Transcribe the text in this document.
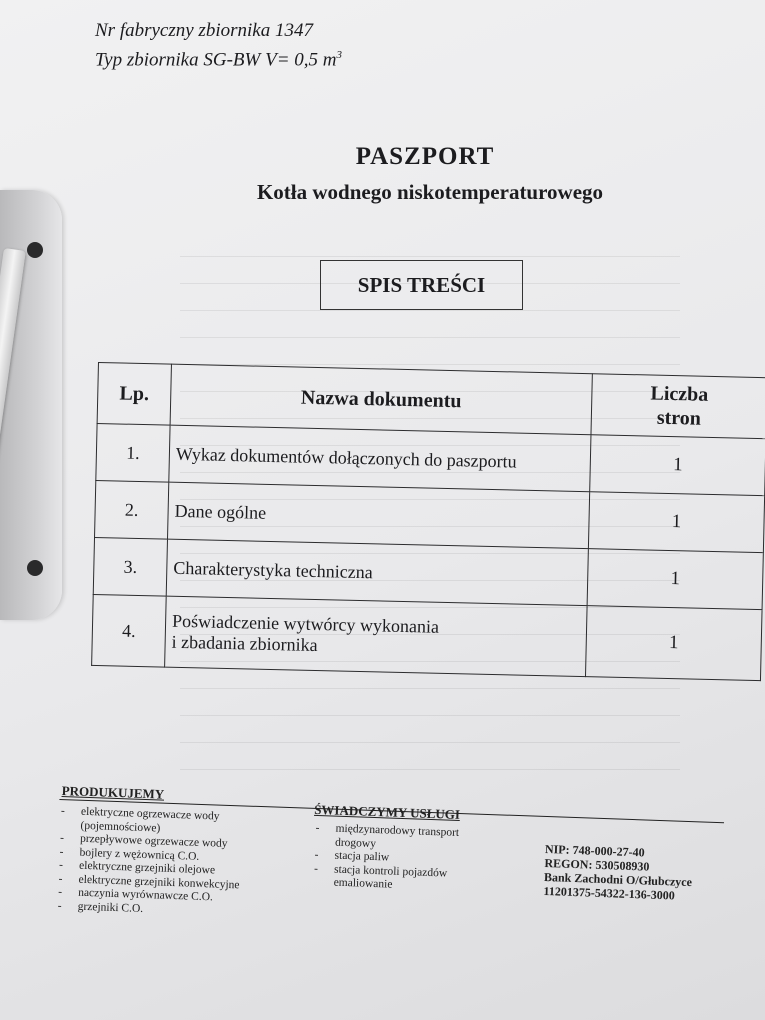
Nr fabryczny zbiornika 1347
Typ zbiornika SG-BW V= 0,5 $m^3$
PASZPORT
Kotła wodnego niskotemperaturowego
SPIS TREŚCI
Lp.	Nazwa dokumentu	Liczba
stron
1.	Wykaz dokumentów dołączonych do paszportu	1
2.	Dane ogólne	1
3.	Charakterystyka techniczna	1
4.	Poświadczenie wytwórcy wykonania
i zbadania zbiornika	1
PRODUKUJEMY
ŚWIADCZYMY USŁUGI
- elektryczne ogrzewacze wody
(pojemnościowe)
- przepływowe ogrzewacze wody
- bojlery z wężownicą C.O.
- elektryczne grzejniki olejowe
- elektryczne grzejniki konwekcyjne
- naczynia wyrównawcze C.O.
- grzejniki C.O.
- międzynarodowy transport
drogowy
- stacja paliw
- stacja kontroli pojazdów
emaliowanie
NIP: 748-000-27-40
REGON: 530508930
Bank Zachodni O/Głubczyce
11201375-54322-136-3000
